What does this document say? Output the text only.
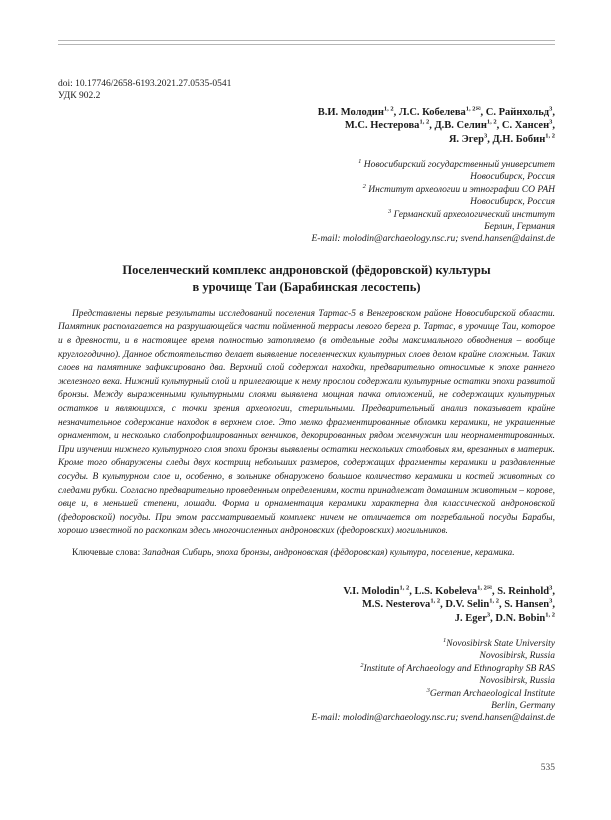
doi: 10.17746/2658-6193.2021.27.0535-0541
УДК 902.2
В.И. Молодин$^{1, 2}$, Л.С. Кобелева$^{1, 2✉}$, С. Райнхольд$^3$,
М.С. Нестерова$^{1, 2}$, Д.В. Селин$^{1, 2}$, С. Хансен$^3$,
Я. Эгер$^3$, Д.Н. Бобин$^{1, 2}$
$^1$ Новосибирский государственный университет
Новосибирск, Россия
$^2$ Институт археологии и этнографии СО РАН
Новосибирск, Россия
$^3$ Германский археологический институт
Берлин, Германия
E-mail: molodin@archaeology.nsc.ru; svend.hansen@dainst.de
Поселенческий комплекс андроновской (фёдоровской) культуры
в урочище Таи (Барабинская лесостепь)

Представлены первые результаты исследований поселения Тартас-5 в Венгеровском районе Новосибирской области. Памятник располагается на разрушающейся части пойменной террасы левого берега р. Тартас, в урочище Таи, которое и в древности, и в настоящее время полностью затопляемо (в отдельные годы максимального обводнения – вообще круглогодично). Данное обстоятельство делает выявление поселенческих культурных слоев делом крайне сложным. Таких слоев на памятнике зафиксировано два. Верхний слой содержал находки, предварительно относимые к эпохе раннего железного века. Нижний культурный слой и прилегающие к нему прослои содержали культурные остатки эпохи развитой бронзы. Между выраженными культурными слоями выявлена мощная пачка отложений, не содержащих культурных остатков и являющихся, с точки зрения археологии, стерильными. Предварительный анализ показывает крайне незначительное содержание находок в верхнем слое. Это мелко фрагментированные обломки керамики, не украшенные орнаментом, и несколько слабопрофилированных венчиков, декорированных рядом жемчужин или неорнаментированных. При изучении нижнего культурного слоя эпохи бронзы выявлены остатки нескольких столбовых ям, врезанных в материк. Кроме того обнаружены следы двух кострищ небольших размеров, содержащих фрагменты керамики и раздавленные сосуды. В культурном слое и, особенно, в зольнике обнаружено большое количество керамики и костей животных со следами рубки. Согласно предварительно проведенным определениям, кости принадлежат домашним животным – корове, овце и, в меньшей степени, лошади. Форма и орнаментация керамики характерна для классической андроновской (федоровской) посуды. При этом рассматриваемый комплекс ничем не отличается от погребальной посуды Барабы, хорошо известной по раскопкам здесь многочисленных андроновских (федоровских) могильников.

Ключевые слова: Западная Сибирь, эпоха бронзы, андроновская (фёдоровская) культура, поселение, керамика.

V.I. Molodin$^{1, 2}$, L.S. Kobeleva$^{1, 2✉}$, S. Reinhold$^3$,
M.S. Nesterova$^{1, 2}$, D.V. Selin$^{1, 2}$, S. Hansen$^3$,
J. Eger$^3$, D.N. Bobin$^{1, 2}$
$^1$Novosibirsk State University
Novosibirsk, Russia
$^2$Institute of Archaeology and Ethnography SB RAS
Novosibirsk, Russia
$^3$German Archaeological Institute
Berlin, Germany
E-mail: molodin@archaeology.nsc.ru; svend.hansen@dainst.de
535
